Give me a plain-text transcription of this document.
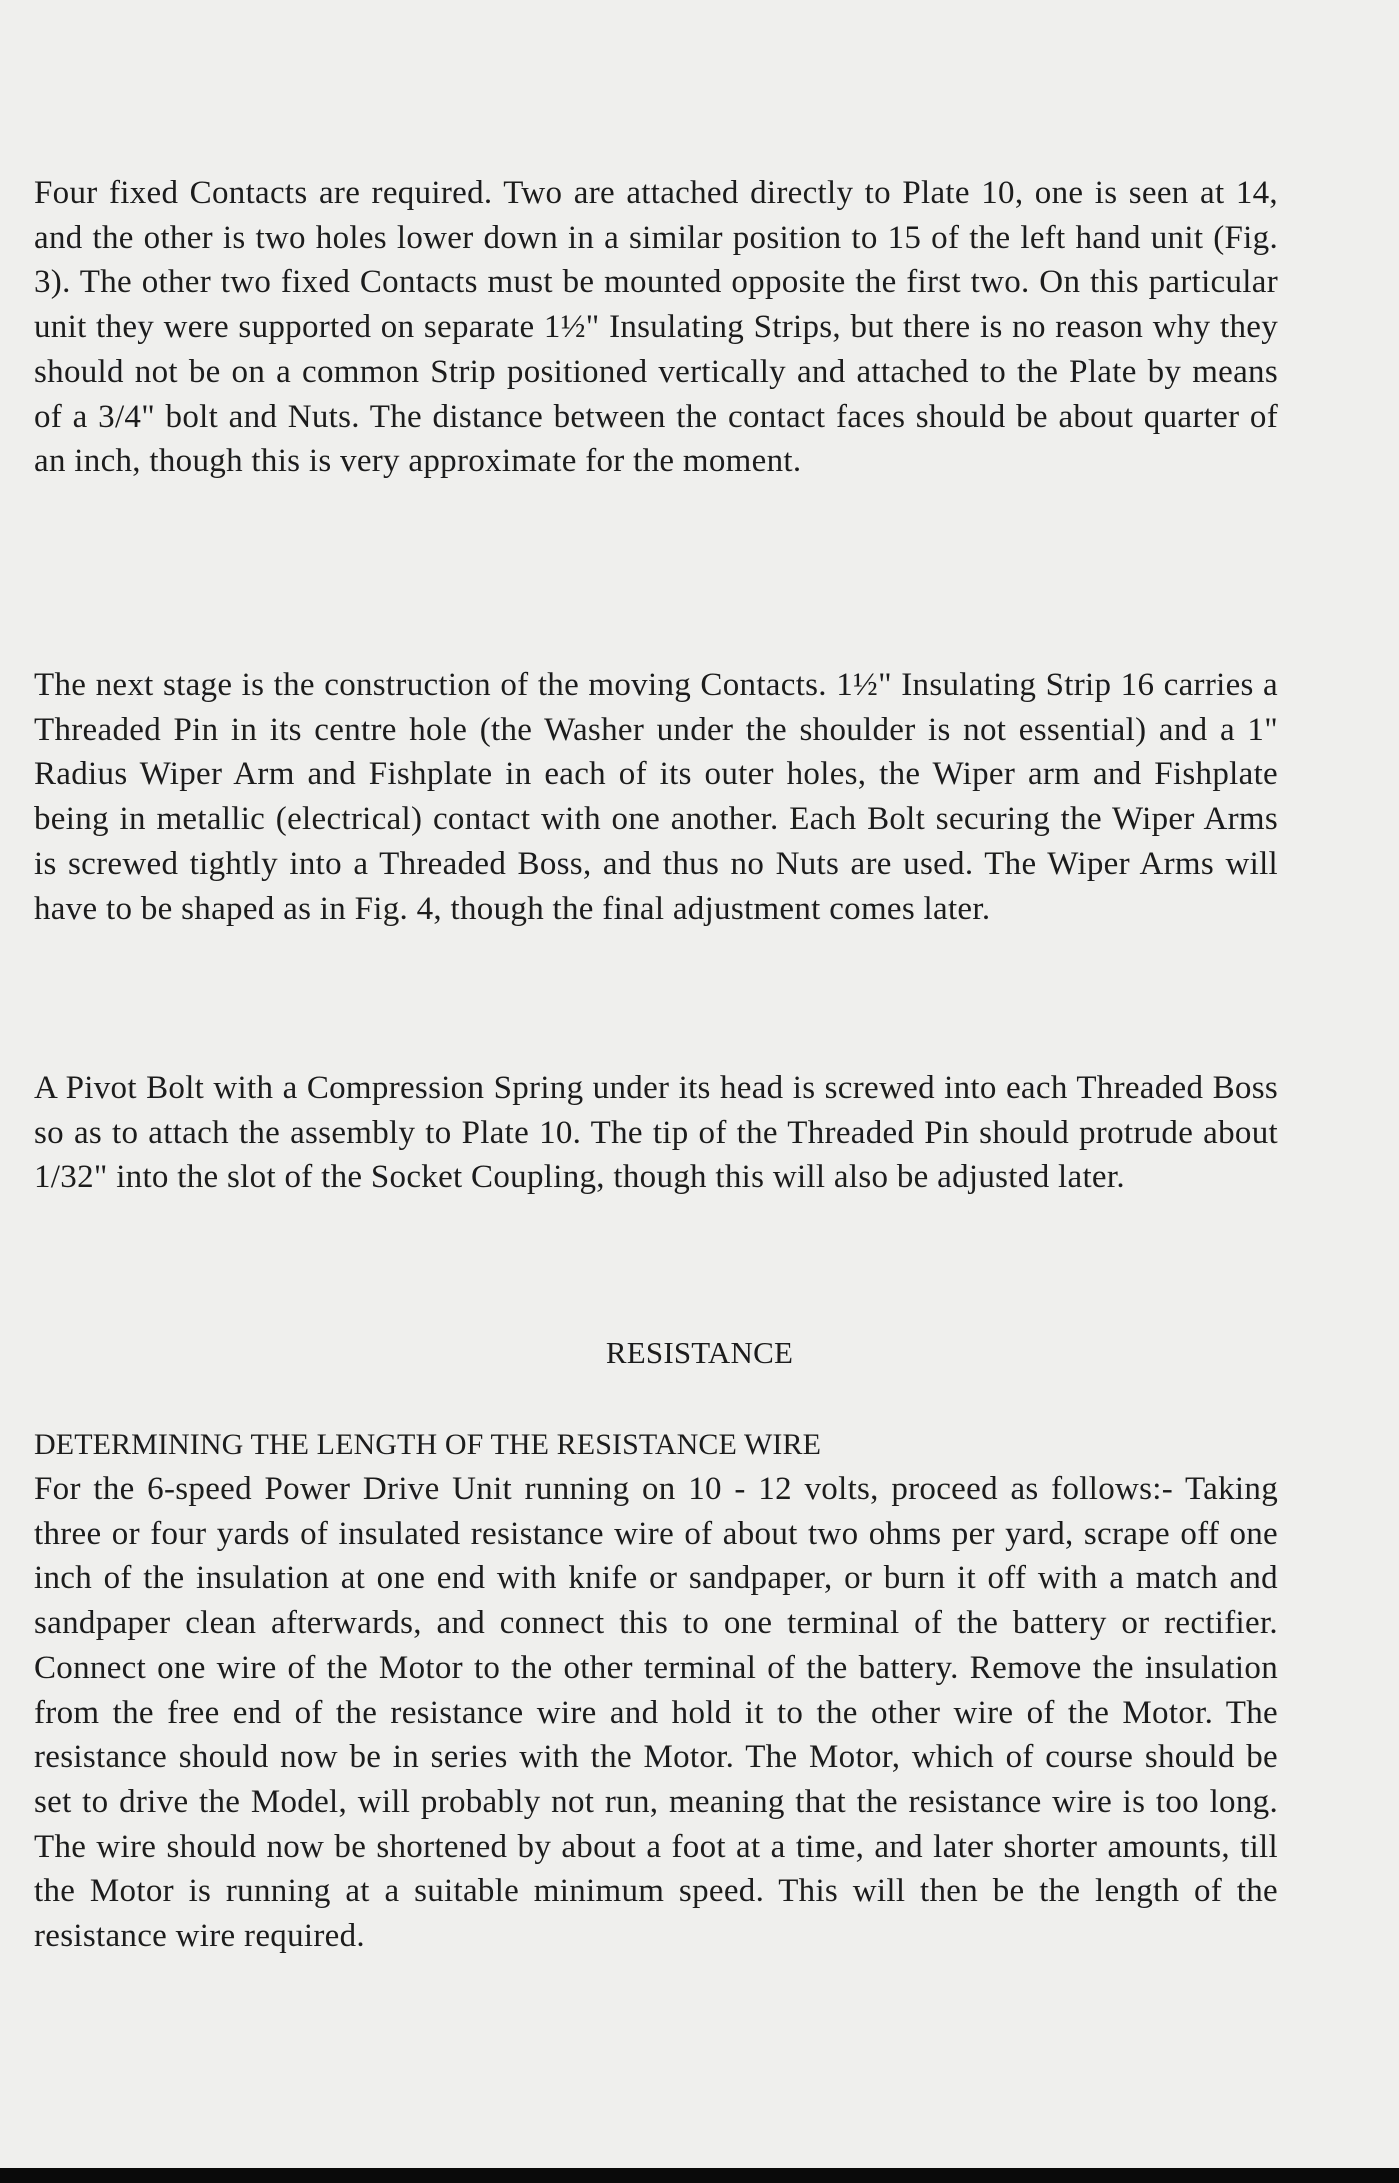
Four fixed Contacts are required. Two are attached directly to Plate 10, one is seen at 14, and the other is two holes lower down in a similar position to 15 of the left hand unit (Fig. 3). The other two fixed Contacts must be mounted opposite the first two. On this particular unit they were supported on separate 1½" Insulating Strips, but there is no reason why they should not be on a common Strip positioned vertically and attached to the Plate by means of a 3/4" bolt and Nuts. The distance between the contact faces should be about quarter of an inch, though this is very approximate for the moment.

The next stage is the construction of the moving Contacts. 1½" Insulating Strip 16 carries a Threaded Pin in its centre hole (the Washer under the shoulder is not essential) and a 1" Radius Wiper Arm and Fishplate in each of its outer holes, the Wiper arm and Fishplate being in metallic (electrical) contact with one another. Each Bolt securing the Wiper Arms is screwed tightly into a Threaded Boss, and thus no Nuts are used. The Wiper Arms will have to be shaped as in Fig. 4, though the final adjustment comes later.

A Pivot Bolt with a Compression Spring under its head is screwed into each Threaded Boss so as to attach the assembly to Plate 10. The tip of the Threaded Pin should protrude about 1/32" into the slot of the Socket Coupling, though this will also be adjusted later.

RESISTANCE
DETERMINING THE LENGTH OF THE RESISTANCE WIRE

For the 6-speed Power Drive Unit running on 10 - 12 volts, proceed as follows:- Taking three or four yards of insulated resistance wire of about two ohms per yard, scrape off one inch of the insulation at one end with knife or sandpaper, or burn it off with a match and sandpaper clean afterwards, and connect this to one terminal of the battery or rectifier. Connect one wire of the Motor to the other terminal of the battery. Remove the insulation from the free end of the resistance wire and hold it to the other wire of the Motor. The resistance should now be in series with the Motor. The Motor, which of course should be set to drive the Model, will probably not run, meaning that the resistance wire is too long. The wire should now be shortened by about a foot at a time, and later shorter amounts, till the Motor is running at a suitable minimum speed. This will then be the length of the resistance wire required.
